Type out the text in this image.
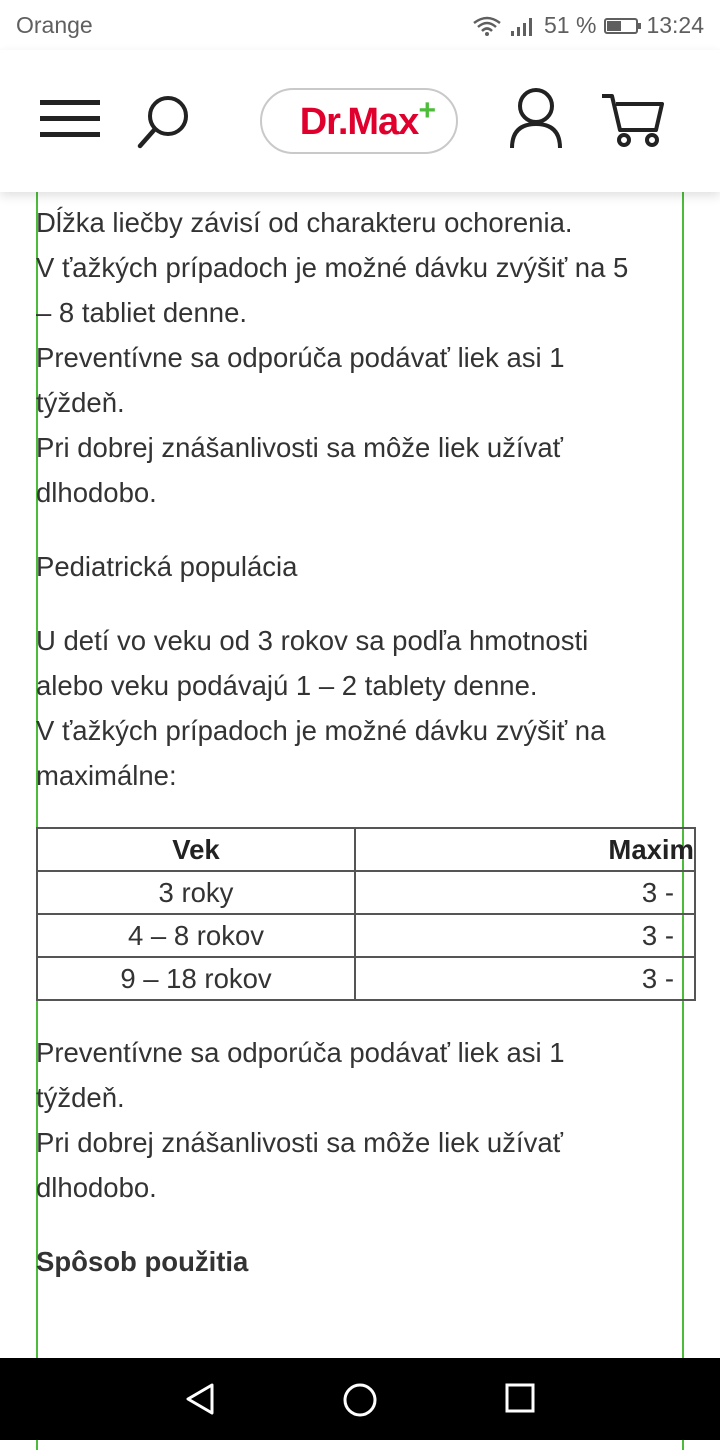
Orange	51 % 13:24
Dr.Max +

Dĺžka liečby závisí od charakteru ochorenia.

V ťažkých prípadoch je možné dávku zvýšiť na 5 – 8 tabliet denne.

Preventívne sa odporúča podávať liek asi 1 týždeň.

Pri dobrej znášanlivosti sa môže liek užívať dlhodobo.

Pediatrická populácia

U detí vo veku od 3 rokov sa podľa hmotnosti alebo veku podávajú 1 – 2 tablety denne.

V ťažkých prípadoch je možné dávku zvýšiť na maximálne:

Vek	Maxim
3 roky	3 -
4 – 8 rokov	3 -
9 – 18 rokov	3 -

Preventívne sa odporúča podávať liek asi 1 týždeň.

Pri dobrej znášanlivosti sa môže liek užívať dlhodobo.

Spôsob použitia
